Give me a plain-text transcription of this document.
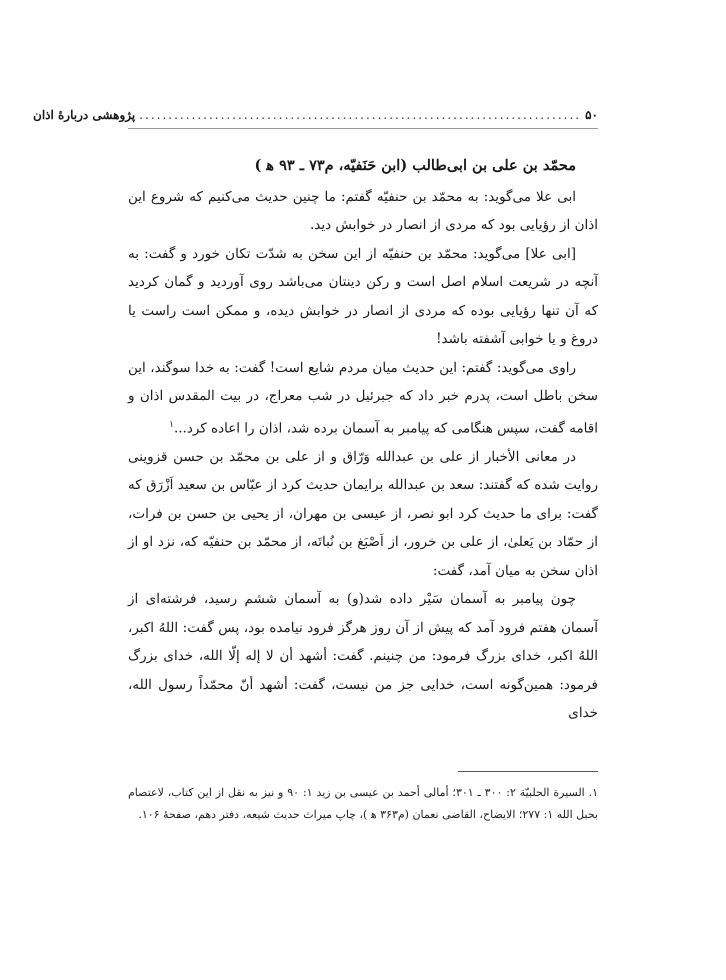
۵۰
............................................................................
پژوهشی دربارۀ اذان
محمّد بن علی بن ابی‌طالب (ابن حَنَفیّه، م۷۳ ـ ۹۳ ه‍ )

ابی علا می‌گوید: به محمّد بن حنفیّه گفتم: ما چنین حدیث می‌کنیم که شروع این اذان از رؤیایی بود که مردی از انصار در خوابش دید.

[ابی علا] می‌گوید: محمّد بن حنفیّه از این سخن به شدّت تکان خورد و گفت: به آنچه در شریعت اسلام اصل است و رکن دینتان می‌باشد روی آوردید و گمان کردید که آن تنها رؤیایی بوده که مردی از انصار در خوابش دیده، و ممکن است راست یا دروغ و یا خوابی آشفته باشد!

راوی می‌گوید: گفتم: این حدیث میان مردم شایع است! گفت: به خدا سوگند، این سخن باطل است، پدرم خبر داد که جبرئیل در شب معراج، در بیت المقدس اذان و اقامه گفت، سپس هنگامی که پیامبر به آسمان برده شد، اذان را اعاده کرد...$^۱$

در معانی الأخبار از علی بن عبدالله وَرّاق و از علی بن محمّد بن حسن قزوینی روایت شده که گفتند: سعد بن عبدالله برایمان حدیث کرد از عبّاس بن سعید اَزْرَق که گفت: برای ما حدیث کرد ابو نصر، از عیسی بن مهران، از یحیی بن حسن بن فرات، از حمّاد بن یَعلیٰ، از علی بن خرور، از اَصْبَغ بن نُباتَه، از محمّد بن حنفیّه که، نزد او از اذان سخن به میان آمد، گفت:

چون پیامبر به آسمان سَیْر داده شد(و) به آسمان ششم رسید، فرشته‌ای از آسمان هفتم فرود آمد که پیش از آن روز هرگز فرود نیامده بود، پس گفت: اللهُ اکبر، اللهُ اکبر، خدای بزرگ فرمود: من چنینم. گفت: أشهد أن لا إله إلّا الله، خدای بزرگ فرمود: همین‌گونه است، خدایی جز من نیست، گفت: أشهد أنّ محمّداً رسول الله، خدای

۱. السیرة الحلبیّة ۲: ۳۰۰ ـ ۳۰۱؛ أمالی أحمد بن عیسی بن زید ۱: ۹۰ و نیز به نقل از این کتاب، لاعتصام بحبل الله ۱: ۲۷۷؛ الایضاح، القاضی نعمان (م۳۶۳ ه‍ )، چاپ میراث حدیث شیعه، دفتر دهم، صفحۀ ۱۰۶.
